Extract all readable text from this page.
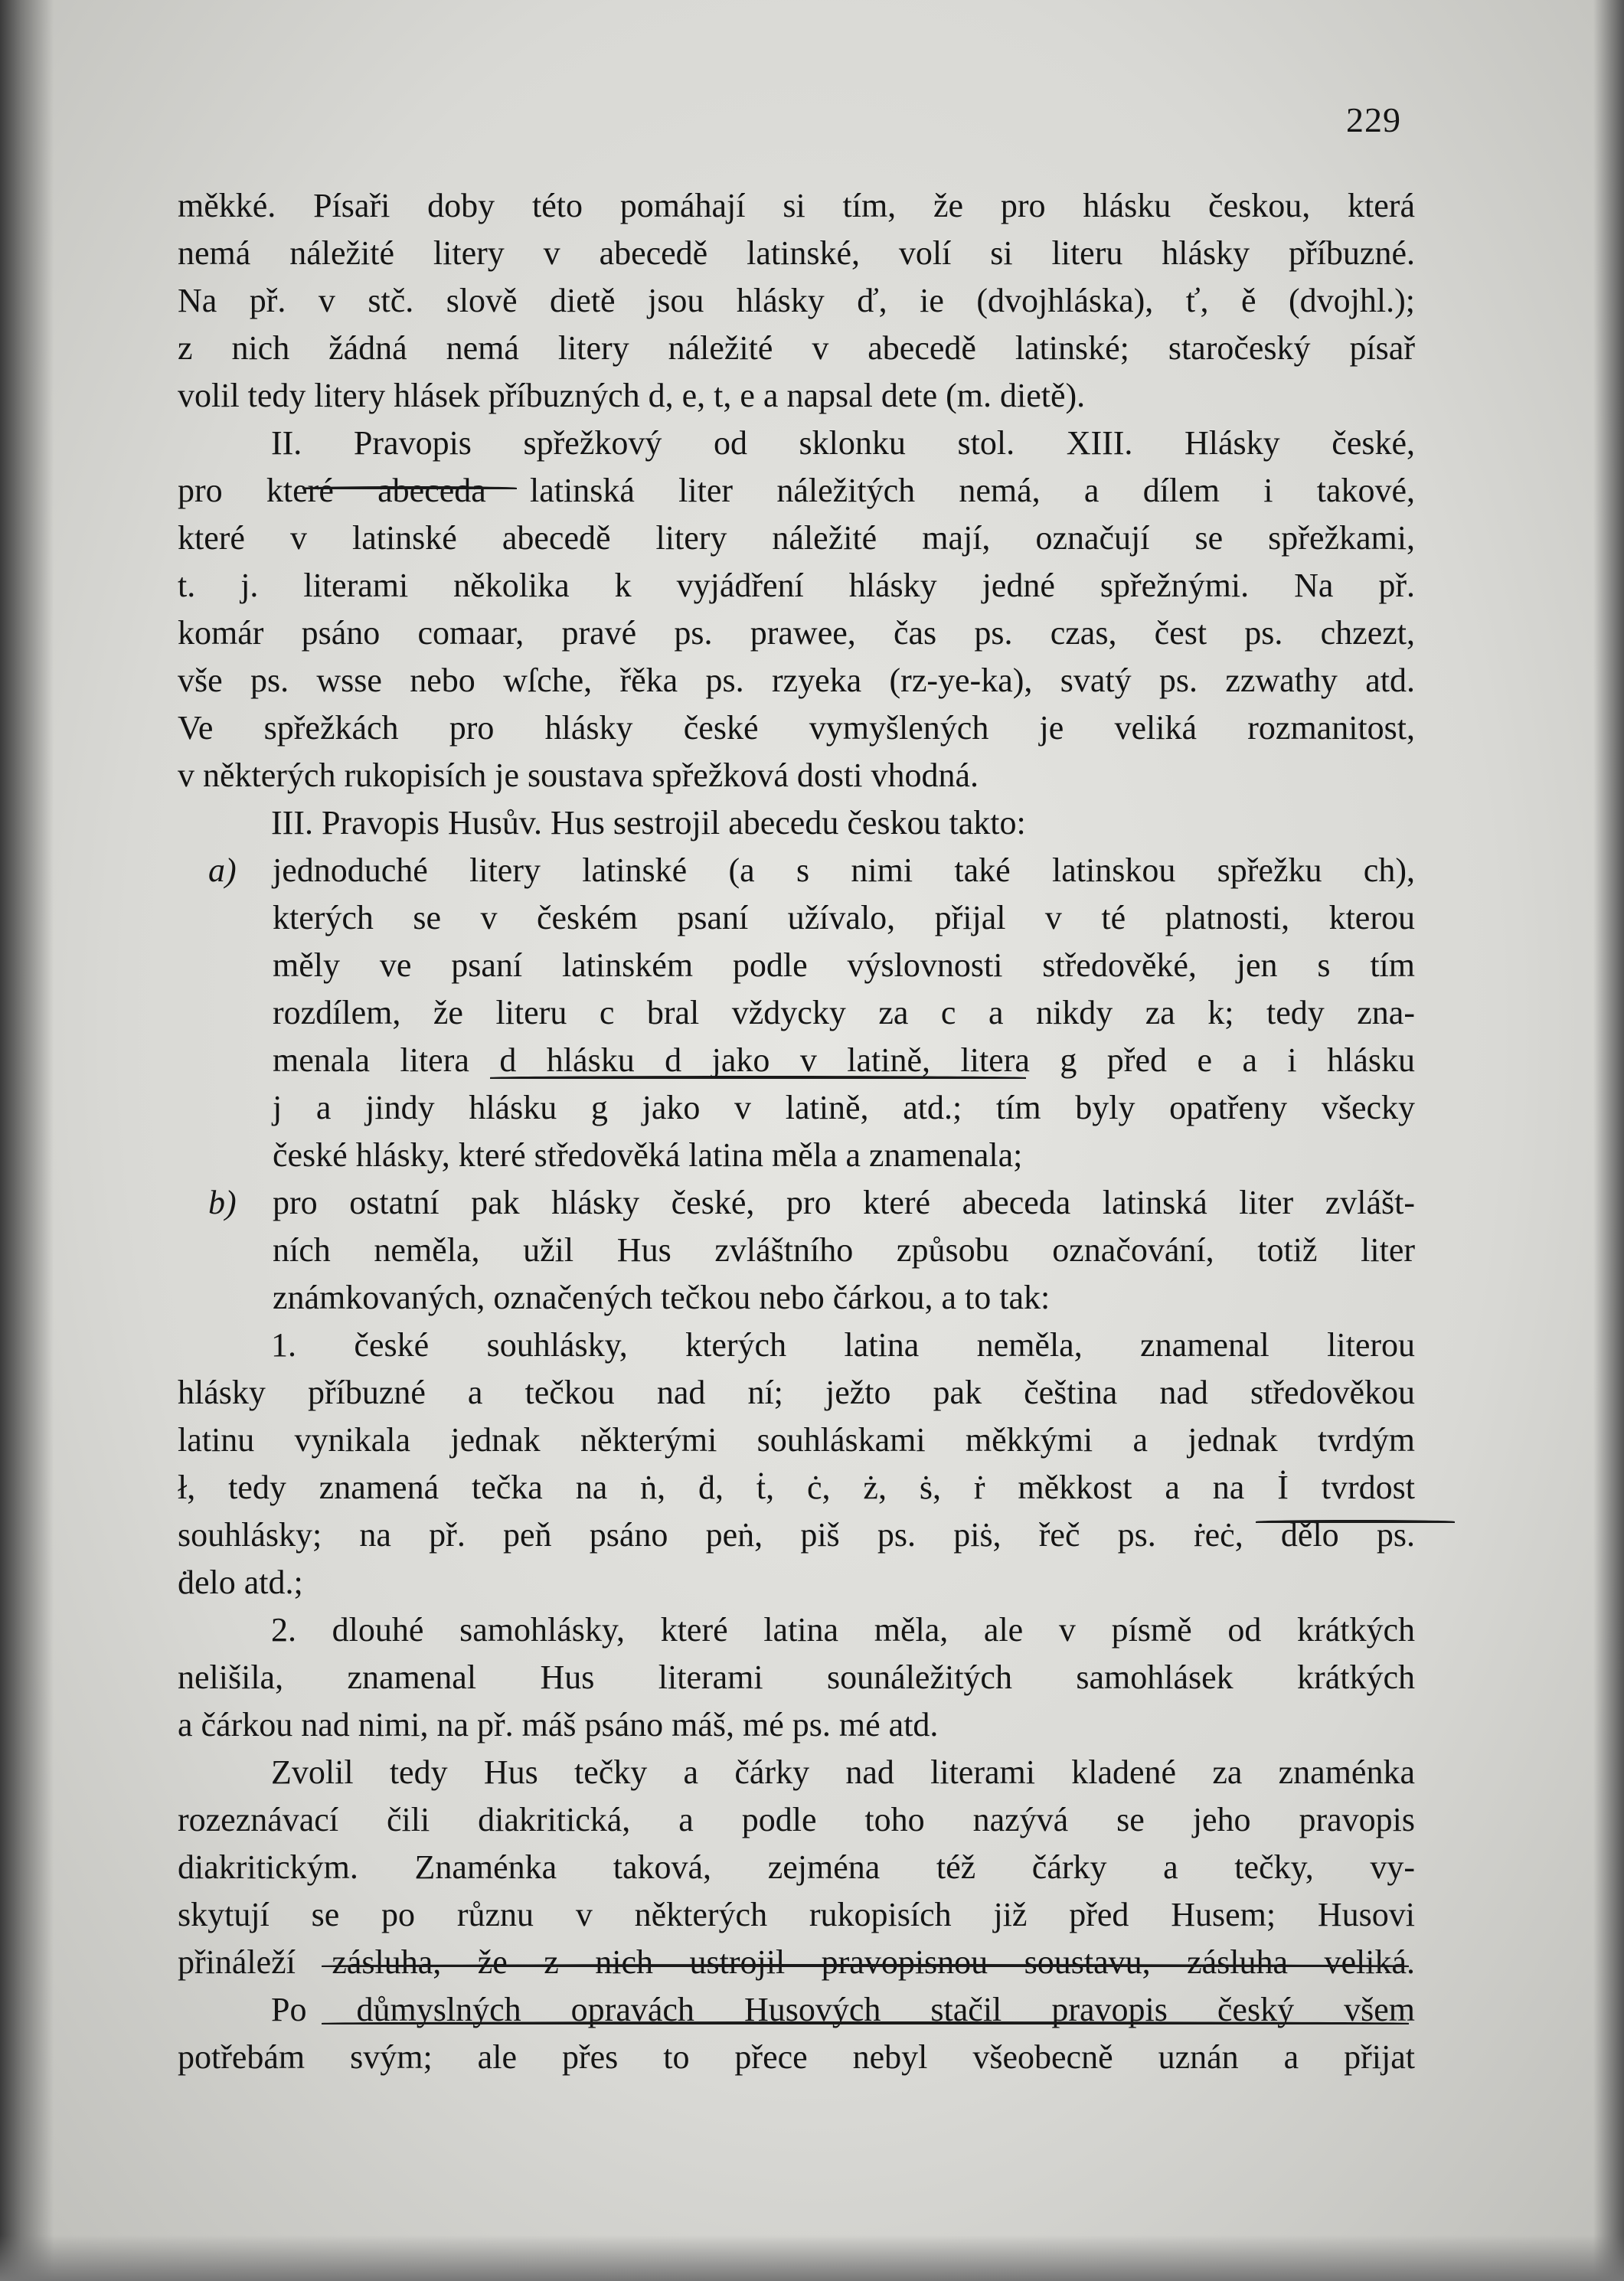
229
měkké. Písaři doby této pomáhají si tím, že pro hlásku českou, která
nemá náležité litery v abecedě latinské, volí si literu hlásky příbuzné.
Na př. v stč. slově dietě jsou hlásky ď, ie (dvojhláska), ť, ě (dvojhl.);
z nich žádná nemá litery náležité v abecedě latinské; staročeský písař
volil tedy litery hlásek příbuzných d, e, t, e a napsal dete (m. dietě).
II. Pravopis spřežkový od sklonku stol. XIII. Hlásky české,
pro které abeceda latinská liter náležitých nemá, a dílem i takové,
které v latinské abecedě litery náležité mají, označují se spřežkami,
t. j. literami několika k vyjádření hlásky jedné spřežnými. Na př.
komár psáno comaar, pravé ps. prawee, čas ps. czas, čest ps. chzezt,
vše ps. wsse nebo wſche, řěka ps. rzyeka (rz-ye-ka), svatý ps. zzwathy atd.
Ve spřežkách pro hlásky české vymyšlených je veliká rozmanitost,
v některých rukopisích je soustava spřežková dosti vhodná.
III. Pravopis Husův. Hus sestrojil abecedu českou takto:
a) jednoduché litery latinské (a s nimi také latinskou spřežku ch),
kterých se v českém psaní užívalo, přijal v té platnosti, kterou
měly ve psaní latinském podle výslovnosti středověké, jen s tím
rozdílem, že literu c bral vždycky za c a nikdy za k; tedy zna-
menala litera d hlásku d jako v latině, litera g před e a i hlásku
j a jindy hlásku g jako v latině, atd.; tím byly opatřeny všecky
české hlásky, které středověká latina měla a znamenala;
b) pro ostatní pak hlásky české, pro které abeceda latinská liter zvlášt-
ních neměla, užil Hus zvláštního způsobu označování, totiž liter
známkovaných, označených tečkou nebo čárkou, a to tak:
1. české souhlásky, kterých latina neměla, znamenal literou
hlásky příbuzné a tečkou nad ní; ježto pak čeština nad středověkou
latinu vynikala jednak některými souhláskami měkkými a jednak tvrdým
ł, tedy znamená tečka na ṅ, ḋ, ṫ, ċ, ż, ṡ, ṙ měkkost a na İ tvrdost
souhlásky; na př. peň psáno peṅ, piš ps. piṡ, řeč ps. ṙeċ, dělo ps.
ḋelo atd.;
2. dlouhé samohlásky, které latina měla, ale v písmě od krátkých
nelišila, znamenal Hus literami sounáležitých samohlásek krátkých
a čárkou nad nimi, na př. máš psáno máš, mé ps. mé atd.
Zvolil tedy Hus tečky a čárky nad literami kladené za znaménka
rozeznávací čili diakritická, a podle toho nazývá se jeho pravopis
diakritickým. Znaménka taková, zejména též čárky a tečky, vy-
skytují se po různu v některých rukopisích již před Husem; Husovi
přináleží zásluha, že z nich ustrojil pravopisnou soustavu, zásluha veliká.
Po důmyslných opravách Husových stačil pravopis český všem
potřebám svým; ale přes to přece nebyl všeobecně uznán a přijat
